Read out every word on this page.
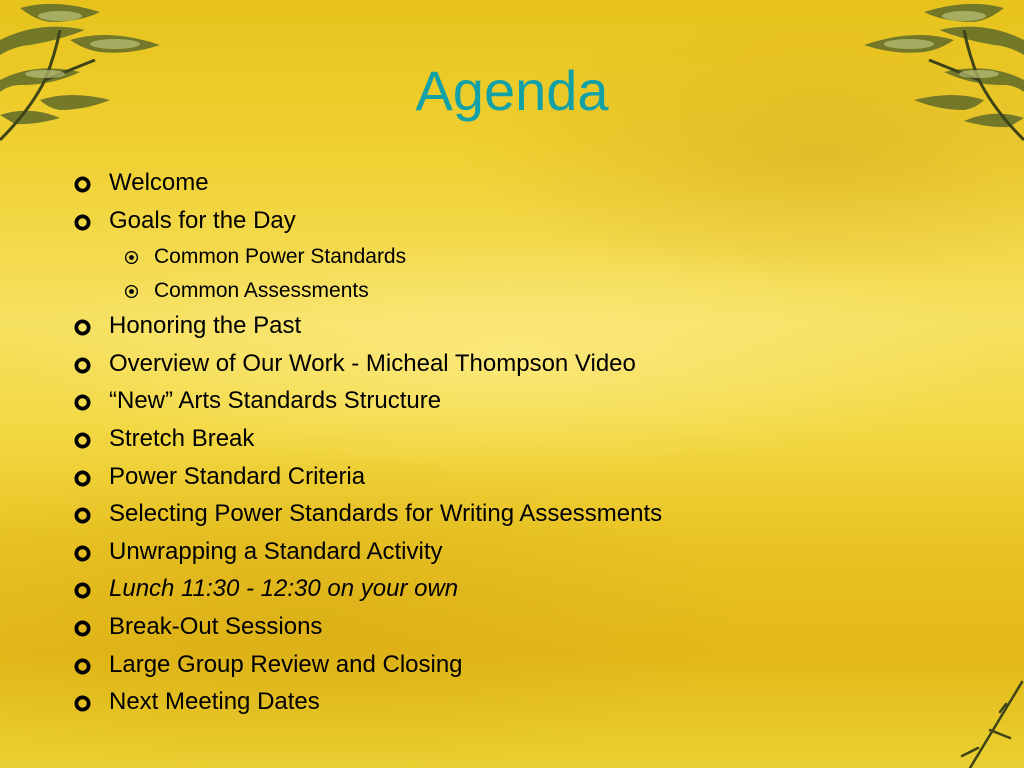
Agenda
Welcome
Goals for the Day
Common Power Standards
Common Assessments
Honoring the Past
Overview of Our Work - Micheal Thompson Video
“New” Arts Standards Structure
Stretch Break
Power Standard Criteria
Selecting Power Standards for Writing Assessments
Unwrapping a Standard Activity
Lunch 11:30 - 12:30 on your own
Break-Out Sessions
Large Group Review and Closing
Next Meeting Dates
